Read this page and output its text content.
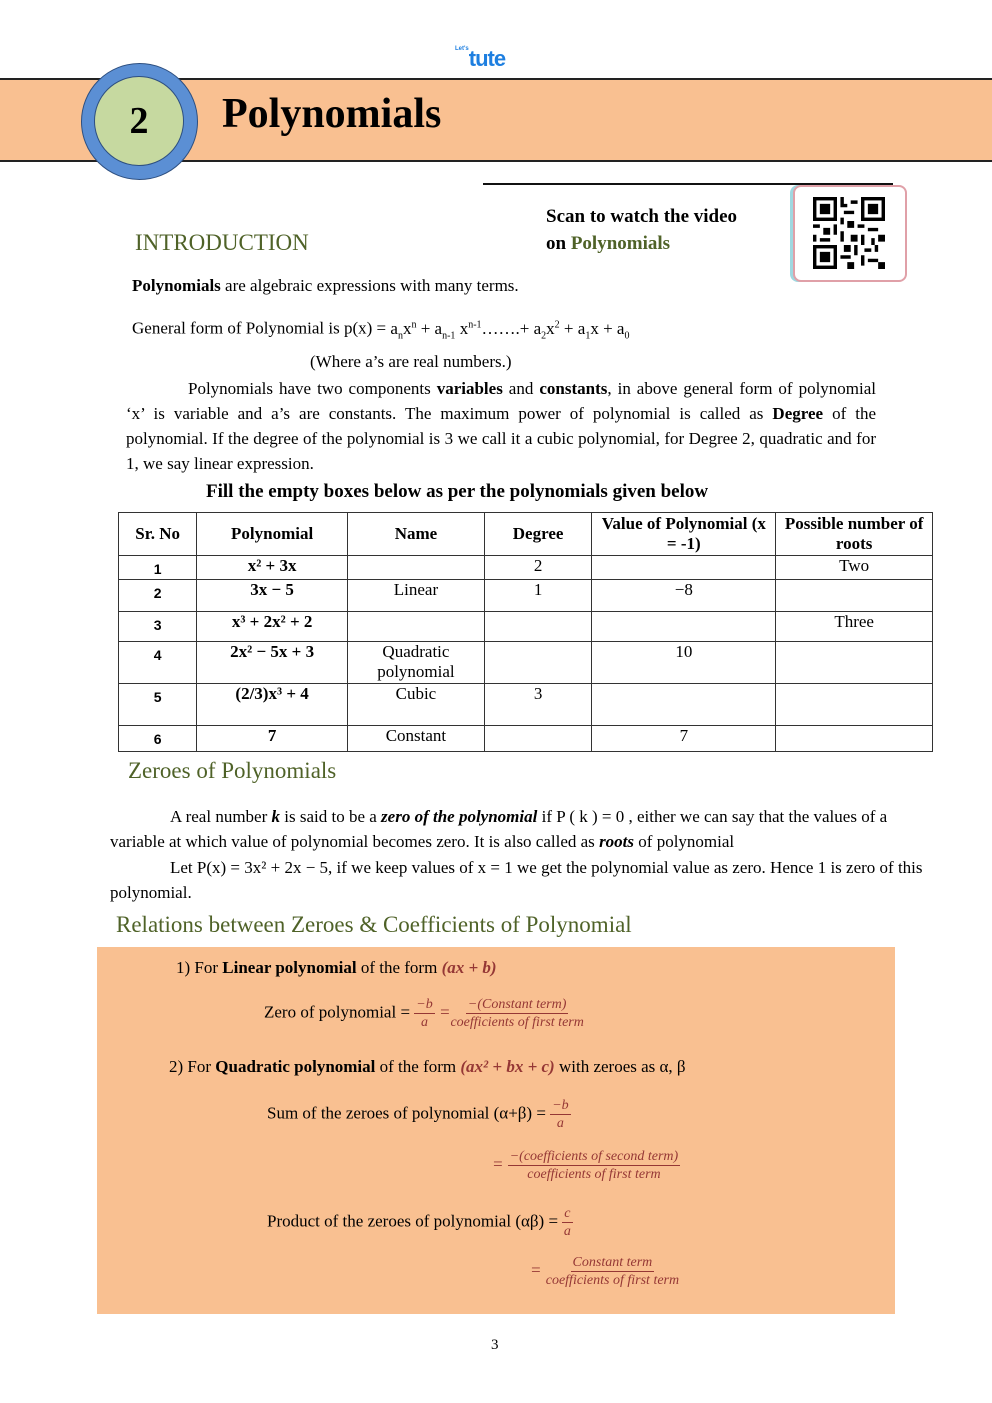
$^{Let's}$tute
2	Polynomials
Scan to watch the video
on Polynomials
INTRODUCTION
Polynomials are algebraic expressions with many terms.
General form of Polynomial is $p(x) = a_nx^n + a_{n-1}$ $x^{n-1}\dots\dots.+ a_2x^2 + a_1x + a_0$
(Where a’s are real numbers.)
Polynomials have two components variables and constants, in above general form of polynomial ‘x’ is variable and a’s are constants. The maximum power of polynomial is called as Degree of the polynomial. If the degree of the polynomial is 3 we call it a cubic polynomial, for Degree 2, quadratic and for 1, we say linear expression.
Fill the empty boxes below as per the polynomials given below
Sr. No	Polynomial	Name	Degree	Value of Polynomial (x = -1)	Possible number of roots
1	x² + 3x		2		Two
2	3x − 5	Linear	1	−8	
3	x³ + 2x² + 2				Three
4	2x² − 5x + 3	Quadratic polynomial		10	
5	(2/3)x³ + 4	Cubic	3		
6	7	Constant		7	
Zeroes of Polynomials
A real number k is said to be a zero of the polynomial if P ( k ) = 0 , either we can say that the values of a variable at which value of polynomial becomes zero. It is also called as roots of polynomial
Let P(x) = 3x² + 2x − 5, if we keep values of x = 1 we get the polynomial value as zero. Hence 1 is zero of this polynomial.
Relations between Zeroes & Coefficients of Polynomial
1) For Linear polynomial of the form (ax + b)
Zero of polynomial = $\frac{-b}{a} = \frac{\text{−(Constant term)}}{\text{coefficients of first term}}$
2) For Quadratic polynomial of the form (ax² + bx + c) with zeroes as α, β
Sum of the zeroes of polynomial $(\alpha+\beta) = \frac{-b}{a}$
= $\frac{\text{−(coefficients of second term)}}{\text{coefficients of first term}}$
Product of the zeroes of polynomial $(\alpha\beta) = \frac{c}{a}$
= $\frac{\text{Constant term}}{\text{coefficients of first term}}$
3
